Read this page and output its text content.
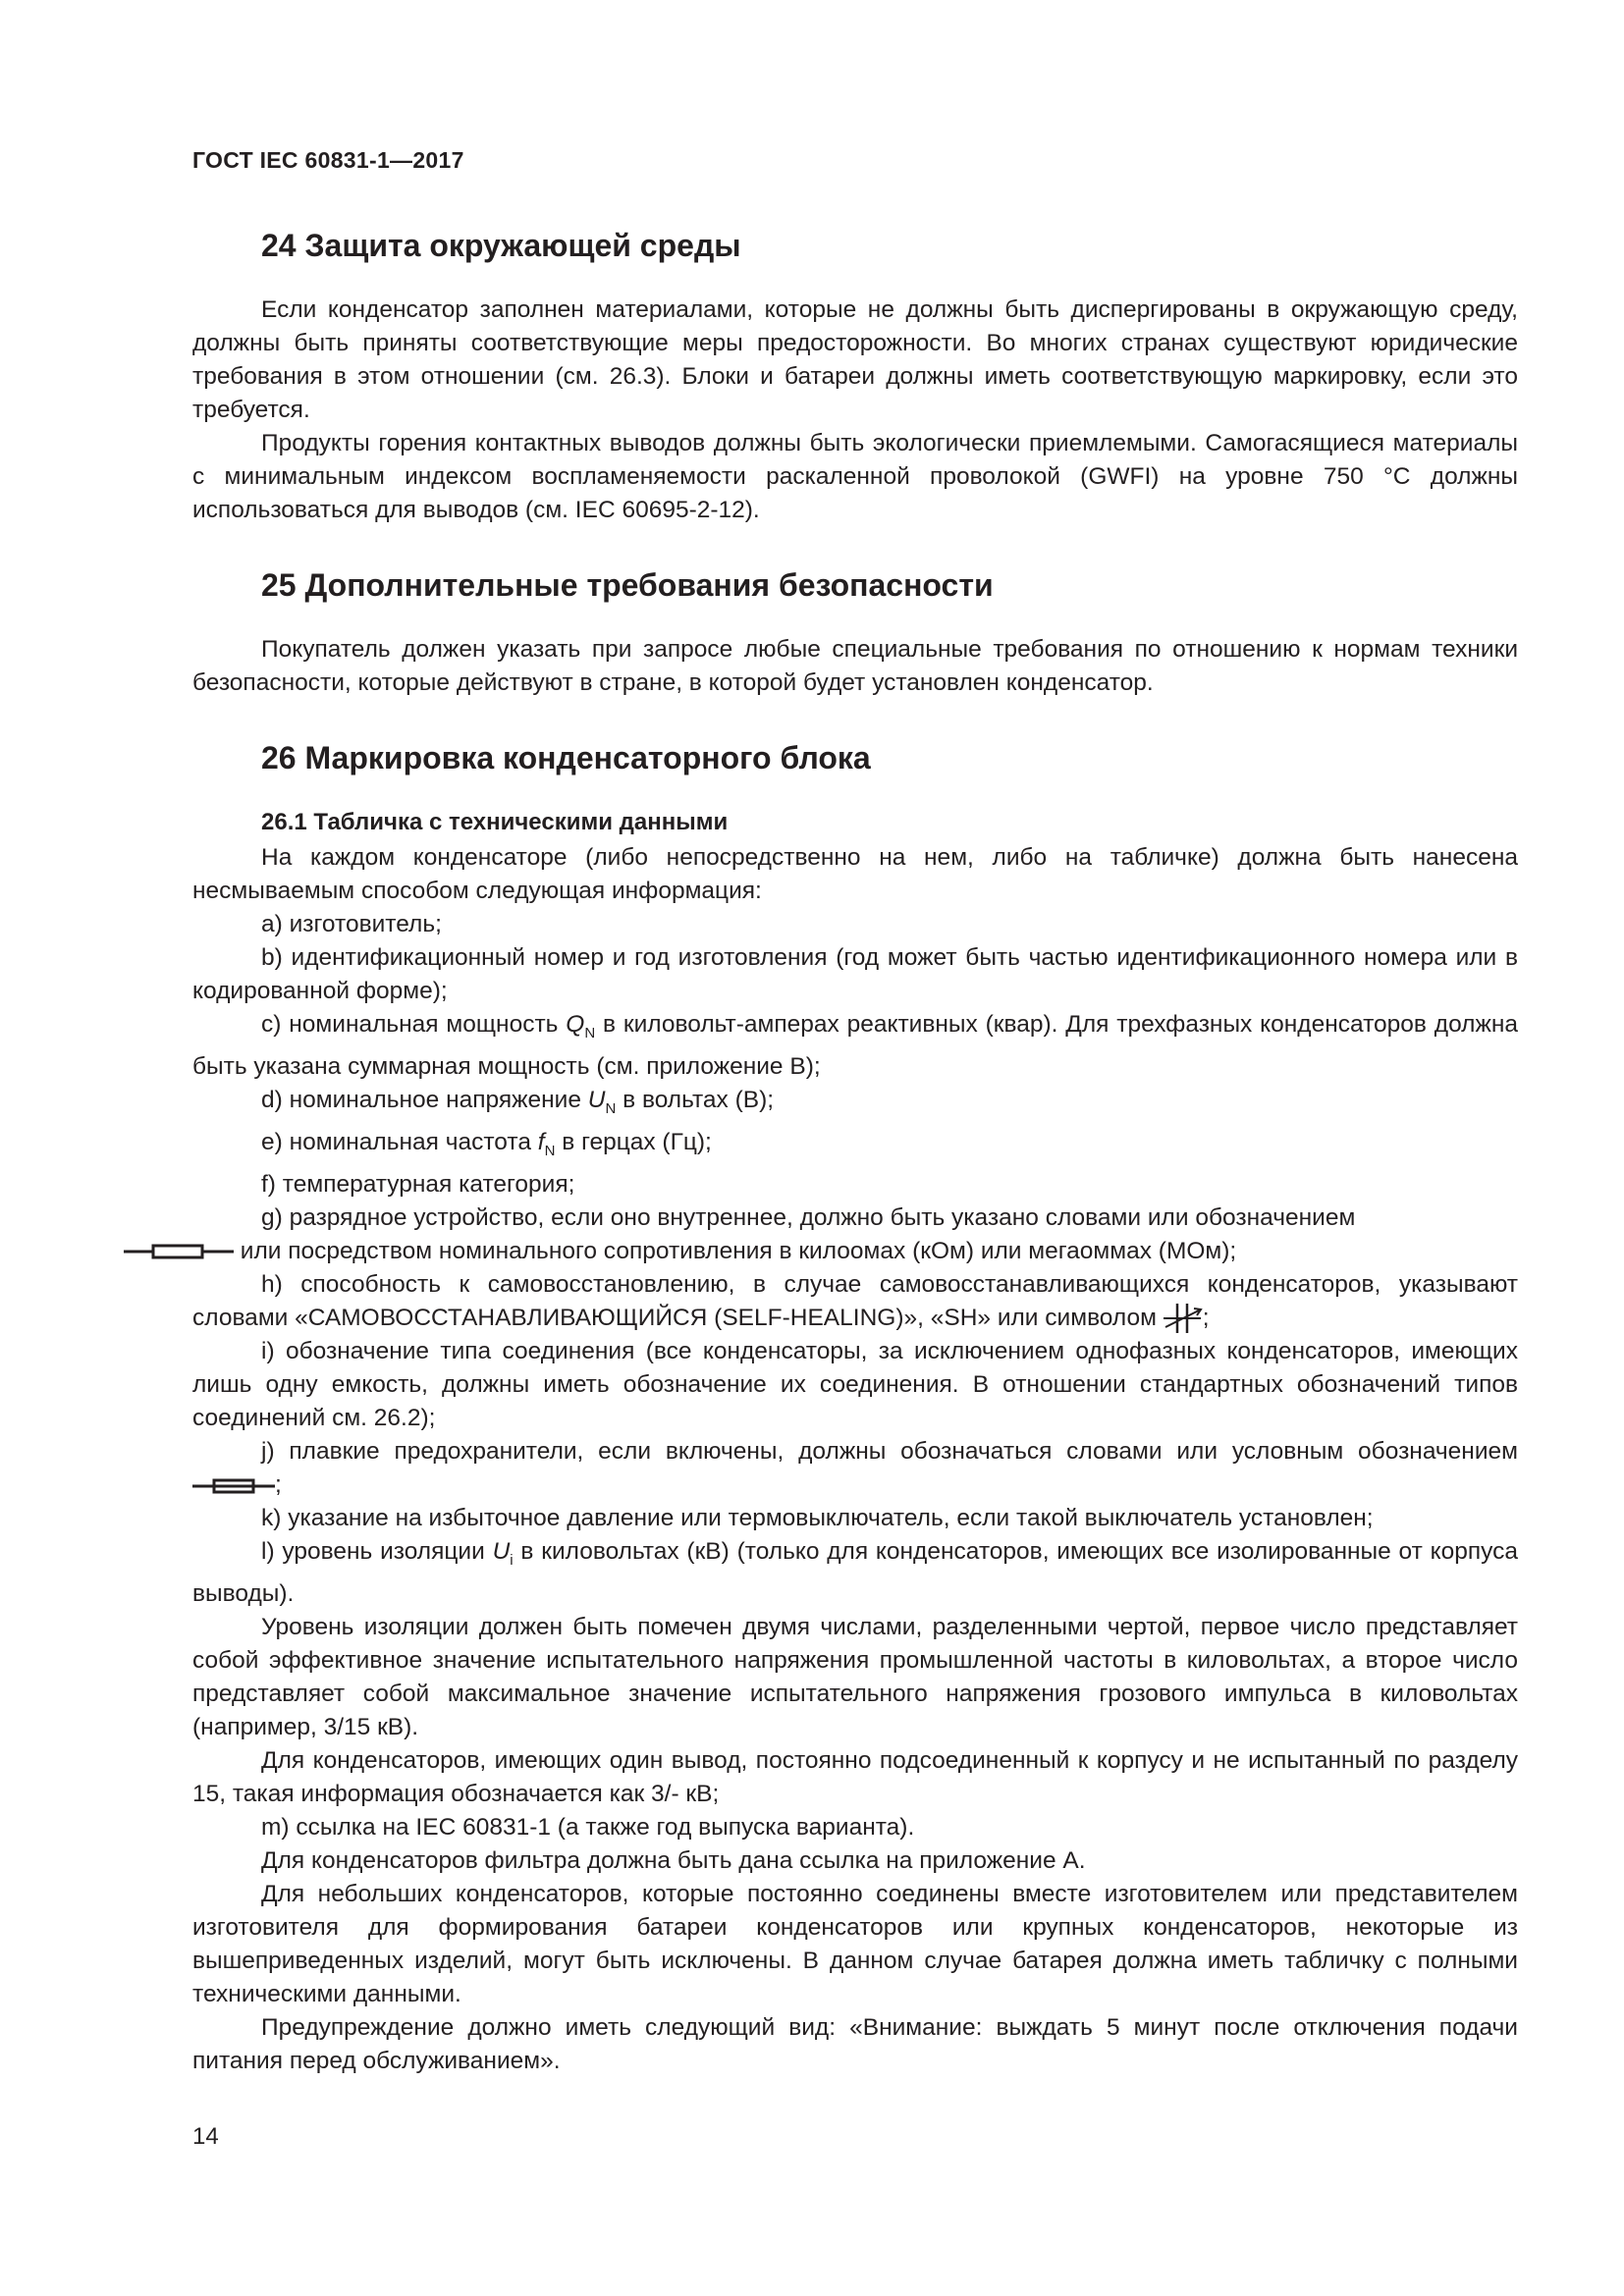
ГОСТ IEC 60831-1—2017
24 Защита окружающей среды

Если конденсатор заполнен материалами, которые не должны быть диспергированы в окружающую среду, должны быть приняты соответствующие меры предосторожности. Во многих странах существуют юридические требования в этом отношении (см. 26.3). Блоки и батареи должны иметь соответствующую маркировку, если это требуется.

Продукты горения контактных выводов должны быть экологически приемлемыми. Самогасящиеся материалы с минимальным индексом воспламеняемости раскаленной проволокой (GWFI) на уровне 750 °C должны использоваться для выводов (см. IEC 60695-2-12).

25 Дополнительные требования безопасности

Покупатель должен указать при запросе любые специальные требования по отношению к нормам техники безопасности, которые действуют в стране, в которой будет установлен конденсатор.

26 Маркировка конденсаторного блока
26.1 Табличка с техническими данными

На каждом конденсаторе (либо непосредственно на нем, либо на табличке) должна быть нанесена несмываемым способом следующая информация:

a) изготовитель;

b) идентификационный номер и год изготовления (год может быть частью идентификационного номера или в кодированной форме);

c) номинальная мощность $Q_N$ в киловольт-амперах реактивных (квар). Для трехфазных конденсаторов должна быть указана суммарная мощность (см. приложение B);

d) номинальное напряжение $U_N$ в вольтах (В);

e) номинальная частота $f_N$ в герцах (Гц);

f) температурная категория;

g) разрядное устройство, если оно внутреннее, должно быть указано словами или обозначением
или посредством номинального сопротивления в килоомах (кОм) или мегаоммах (МОм);

h) способность к самовосстановлению, в случае самовосстанавливающихся конденсаторов, указывают словами «САМОВОССТАНАВЛИВАЮЩИЙСЯ (SELF-HEALING)», «SH» или символом ;

i) обозначение типа соединения (все конденсаторы, за исключением однофазных конденсаторов, имеющих лишь одну емкость, должны иметь обозначение их соединения. В отношении стандартных обозначений типов соединений см. 26.2);

j) плавкие предохранители, если включены, должны обозначаться словами или условным обозначением ;

k) указание на избыточное давление или термовыключатель, если такой выключатель установлен;

l) уровень изоляции $U_i$ в киловольтах (кВ) (только для конденсаторов, имеющих все изолированные от корпуса выводы).

Уровень изоляции должен быть помечен двумя числами, разделенными чертой, первое число представляет собой эффективное значение испытательного напряжения промышленной частоты в киловольтах, а второе число представляет собой максимальное значение испытательного напряжения грозового импульса в киловольтах (например, 3/15 кВ).

Для конденсаторов, имеющих один вывод, постоянно подсоединенный к корпусу и не испытанный по разделу 15, такая информация обозначается как 3/- кВ;

m) ссылка на IEC 60831-1 (а также год выпуска варианта).

Для конденсаторов фильтра должна быть дана ссылка на приложение А.

Для небольших конденсаторов, которые постоянно соединены вместе изготовителем или представителем изготовителя для формирования батареи конденсаторов или крупных конденсаторов, некоторые из вышеприведенных изделий, могут быть исключены. В данном случае батарея должна иметь табличку с полными техническими данными.

Предупреждение должно иметь следующий вид: «Внимание: выждать 5 минут после отключения подачи питания перед обслуживанием».

14
